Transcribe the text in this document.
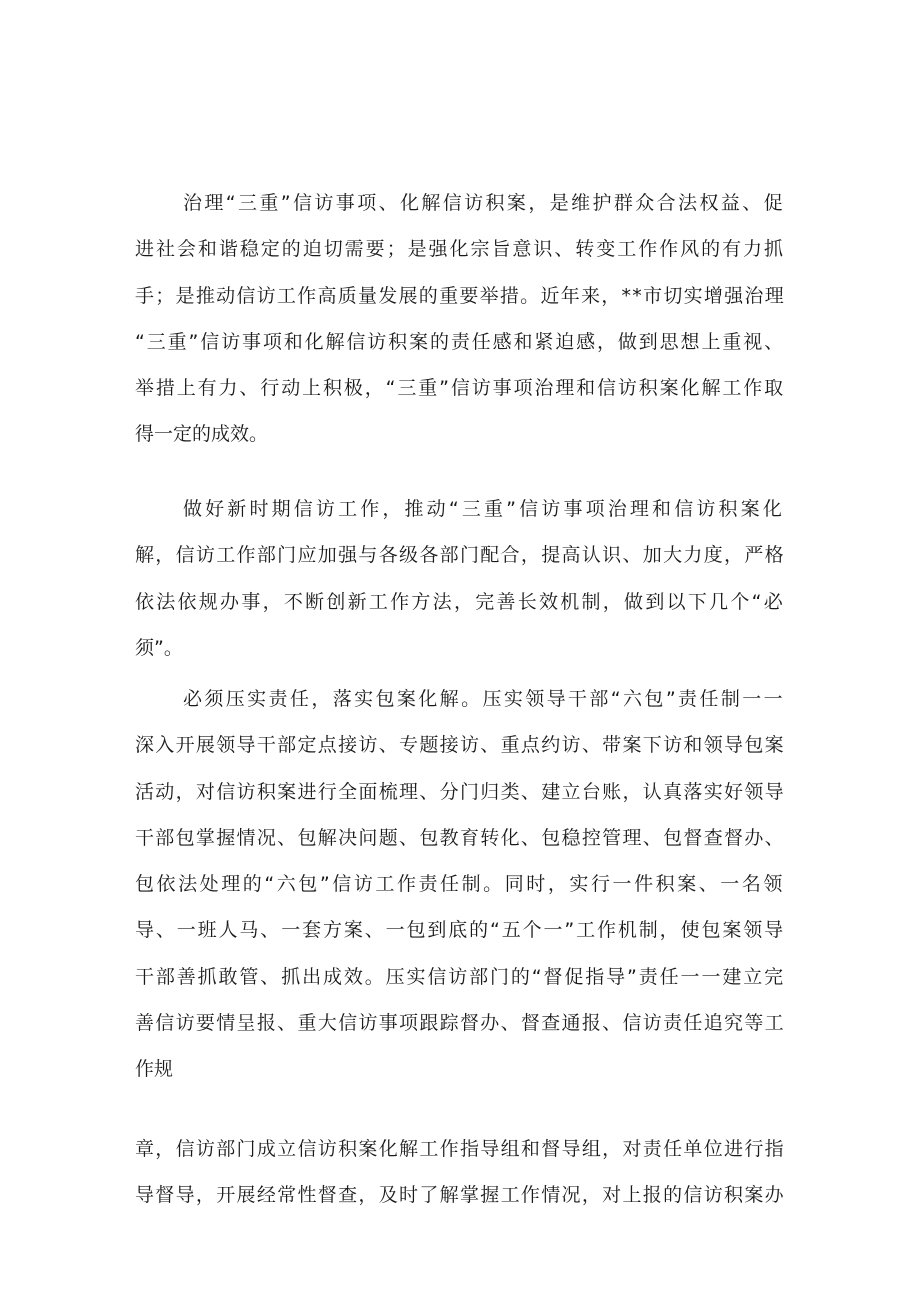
治理“三重”信访事项、化解信访积案，是维护群众合法权益、促
进社会和谐稳定的迫切需要；是强化宗旨意识、转变工作作风的有力抓
手；是推动信访工作高质量发展的重要举措。近年来，**市切实增强治理
“三重”信访事项和化解信访积案的责任感和紧迫感，做到思想上重视、
举措上有力、行动上积极，“三重”信访事项治理和信访积案化解工作取
得一定的成效。
做好新时期信访工作，推动“三重”信访事项治理和信访积案化
解，信访工作部门应加强与各级各部门配合，提高认识、加大力度，严格
依法依规办事，不断创新工作方法，完善长效机制，做到以下几个“必
须”。
必须压实责任，落实包案化解。压实领导干部“六包”责任制一一
深入开展领导干部定点接访、专题接访、重点约访、带案下访和领导包案
活动，对信访积案进行全面梳理、分门归类、建立台账，认真落实好领导
干部包掌握情况、包解决问题、包教育转化、包稳控管理、包督查督办、
包依法处理的“六包”信访工作责任制。同时，实行一件积案、一名领
导、一班人马、一套方案、一包到底的“五个一”工作机制，使包案领导
干部善抓敢管、抓出成效。压实信访部门的“督促指导”责任一一建立完
善信访要情呈报、重大信访事项跟踪督办、督查通报、信访责任追究等工
作规
章，信访部门成立信访积案化解工作指导组和督导组，对责任单位进行指
导督导，开展经常性督查，及时了解掌握工作情况，对上报的信访积案办
